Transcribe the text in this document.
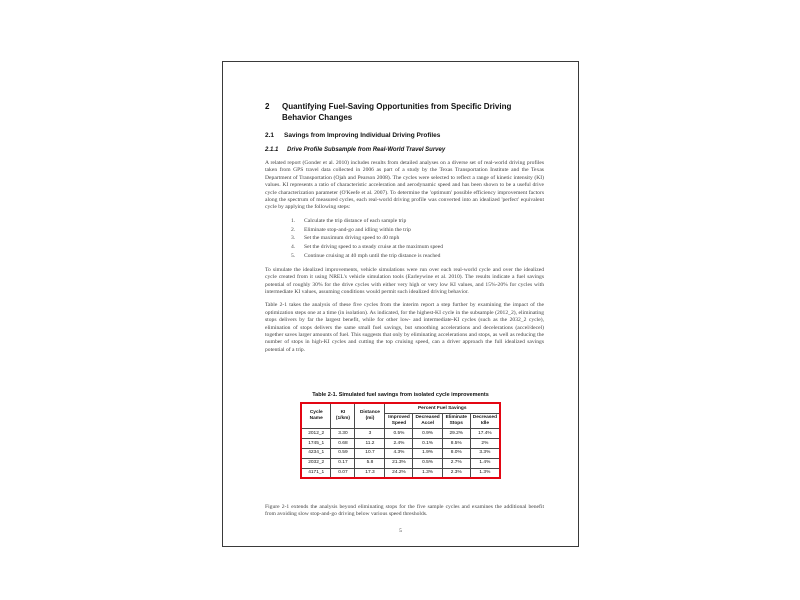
2	Quantifying Fuel-Saving Opportunities from Specific Driving
Behavior Changes
2.1	Savings from Improving Individual Driving Profiles
2.1.1	Drive Profile Subsample from Real-World Travel Survey
A related report (Gonder et al. 2010) includes results from detailed analyses on a diverse set of real-world driving profiles taken from GPS travel data collected in 2006 as part of a study by the Texas Transportation Institute and the Texas Department of Transportation (Ojah and Pearson 2008). The cycles were selected to reflect a range of kinetic intensity (KI) values. KI represents a ratio of characteristic acceleration and aerodynamic speed and has been shown to be a useful drive cycle characterization parameter (O'Keefe et al. 2007). To determine the 'optimum' possible efficiency improvement factors along the spectrum of measured cycles, each real-world driving profile was converted into an idealized 'perfect' equivalent cycle by applying the following steps:
1.	Calculate the trip distance of each sample trip
2.	Eliminate stop-and-go and idling within the trip
3.	Set the maximum driving speed to 40 mph
4.	Set the driving speed to a steady cruise at the maximum speed
5.	Continue cruising at 40 mph until the trip distance is reached
To simulate the idealized improvements, vehicle simulations were run over each real-world cycle and over the idealized cycle created from it using NREL's vehicle simulation tools (Earleywine et al. 2010). The results indicate a fuel savings potential of roughly 30% for the drive cycles with either very high or very low KI values, and 15%-20% for cycles with intermediate KI values, assuming conditions would permit such idealized driving behavior.
Table 2-1 takes the analysis of these five cycles from the interim report a step further by examining the impact of the optimization steps one at a time (in isolation). As indicated, for the highest-KI cycle in the subsample (2012_2), eliminating stops delivers by far the largest benefit, while for other low- and intermediate-KI cycles (such as the 2032_2 cycle), elimination of stops delivers the same small fuel savings, but smoothing accelerations and decelerations (accel/decel) together saves larger amounts of fuel. This suggests that only by eliminating accelerations and stops, as well as reducing the number of stops in high-KI cycles and cutting the top cruising speed, can a driver approach the full idealized savings potential of a trip.
Table 2-1. Simulated fuel savings from isolated cycle improvements
Cycle Name	KI (1/km)	Distance (mi)	Percent Fuel Savings			
			Improved Speed	Decreased Accel	Eliminate Stops	Decreased Idle
2012_2	3.30	3	0.5%	0.9%	29.2%	17.4%
1745_1	0.68	11.2	2.4%	0.1%	8.5%	2%
4234_1	0.59	10.7	4.3%	1.9%	8.0%	3.3%
2032_2	0.17	5.8	21.3%	0.5%	2.7%	1.4%
4171_1	0.07	17.3	24.2%	1.3%	2.3%	1.3%
Figure 2-1 extends the analysis beyond eliminating stops for the five sample cycles and examines the additional benefit from avoiding slow stop-and-go driving below various speed thresholds.
5
